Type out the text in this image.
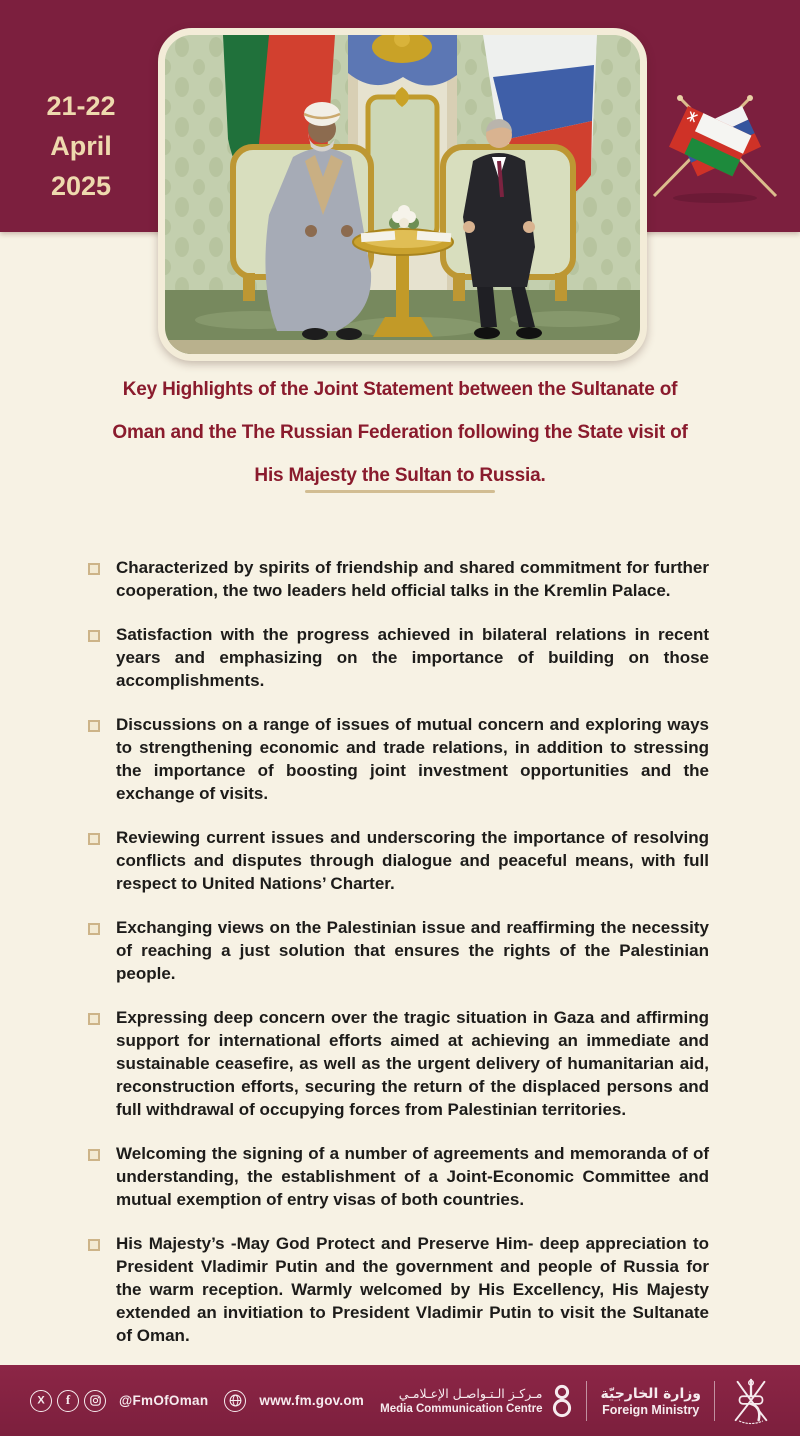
21-22
April
2025
Key Highlights of the Joint Statement between the Sultanate of
Oman and the The Russian Federation following the State visit of
His Majesty the Sultan to Russia.
Characterized by spirits of friendship and shared commitment for further cooperation, the two leaders held official talks in the Kremlin Palace.
Satisfaction with the progress achieved in bilateral relations in recent years and emphasizing on the importance of building on those accomplishments.
Discussions on a range of issues of mutual concern and exploring ways to strengthening economic and trade relations, in addition to stressing the importance of boosting joint investment opportunities and the exchange of visits.
Reviewing current issues and underscoring the importance of resolving conflicts and disputes through dialogue and peaceful means, with full respect to United Nations’ Charter.
Exchanging views on the Palestinian issue and reaffirming the necessity of reaching a just solution that ensures the rights of the Palestinian people.
Expressing deep concern over the tragic situation in Gaza and affirming support for international efforts aimed at achieving an immediate and sustainable ceasefire, as well as the urgent delivery of humanitarian aid, reconstruction efforts, securing the return of the displaced persons and full withdrawal of occupying forces from Palestinian territories.
Welcoming the signing of a number of agreements and memoranda of of understanding, the establishment of a Joint-Economic Committee and mutual exemption of entry visas of both countries.
His Majesty’s -May God Protect and Preserve Him- deep appreciation to President Vladimir Putin and the government and people of Russia for the warm reception. Warmly welcomed by His Excellency, His Majesty extended an invitiation to President Vladimir Putin to visit the Sultanate of Oman.
X f	@FmOfOman	www.fm.gov.om	مـركـز الـتـواصـل الإعـلامـي
Media Communication Centre
وزارة الخارجيّة
Foreign Ministry
